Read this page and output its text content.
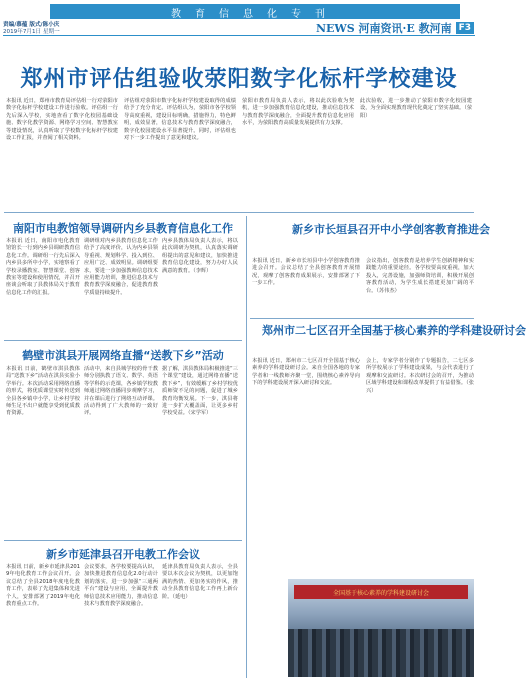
教育信息化专刊
责编/慕蕴 版式/陈小庆
2019年7月1日 星期一	NEWS 河南资讯·E 教河南 F3
郑州市评估组验收荥阳数字化标杆学校建设
本报讯 近日，郑州市教育局评估组一行对荥阳市数字化标杆学校建设工作进行验收。评估组一行先后深入学校，实地查看了数字化校园基础设施、数字化教学资源、网络学习空间、智慧教室等建设情况，认真听取了学校数字化标杆学校建设工作汇报，并查阅了相关资料。
评估组对荥阳市数字化标杆学校建设取得的成绩给予了充分肯定。评估组认为，荥阳市各学校领导高度重视，建设目标明确，措施得力，特色鲜明，成效显著，信息技术与教育教学深度融合，数字化校园建设水平显著提升。同时，评估组也对下一步工作提出了意见和建议。
荥阳市教育局负责人表示，将以此次验收为契机，进一步加强教育信息化建设，推动信息技术与教育教学深度融合，全面提升教育信息化应用水平，为荥阳教育高质量发展提供有力支撑。
此次验收，进一步推动了荥阳市数字化校园建设，为全面实现教育现代化奠定了坚实基础。（荥阳）
南阳市电教馆领导调研内乡县教育信息化工作
本报讯 近日，南阳市电化教育馆馆长一行到内乡县调研教育信息化工作。调研组一行先后深入内乡县多所中小学，实地察看了学校录播教室、智慧课堂、创客教室等建设和使用情况，并召开座谈会听取了县教体局关于教育信息化工作的汇报。
调研组对内乡县教育信息化工作给予了高度评价，认为内乡县领导重视、规划科学、投入到位、应用广泛、成效明显。调研组要求，要进一步加强教师信息技术应用能力培训，推进信息技术与教育教学深度融合，促进教育教学质量持续提升。
内乡县教体局负责人表示，将以此次调研为契机，认真落实调研组提出的意见和建议，加快推进教育信息化建设，努力办好人民满意的教育。（李辉）
鹤壁市淇县开展网络直播“送教下乡”活动
本报讯 日前，鹤壁市淇县教体局“送教下乡”活动在淇县实验小学举行。本次活动采用网络直播的形式，将优质课堂实时传送到全县各乡镇中小学，让乡村学校师生足不出户就能享受到优质教育资源。
活动中，来自县城学校的骨干教师分别执教了语文、数学、英语等学科的示范课，各乡镇学校教师通过网络直播同步观摩学习，并在课后进行了网络互动评课。活动得到了广大教师的一致好评。
据了解，淇县教体局积极推进“三个课堂”建设，通过网络直播“送教下乡”，有效缓解了乡村学校优质师资不足的问题，促进了城乡教育均衡发展。下一步，淇县将进一步扩大覆盖面，让更多乡村学校受益。（宋学军）
新乡市延津县召开电教工作会议
本报讯 日前，新乡市延津县2019年电化教育工作会议召开。会议总结了全县2018年度电化教育工作，表彰了先进集体和先进个人，安排部署了2019年电化教育重点工作。
会议要求，各学校要提高认识，加快推进教育信息化2.0行动计划的落实，进一步加强“三通两平台”建设与应用，全面提升教师信息技术应用能力，推动信息技术与教育教学深度融合。
延津县教育局负责人表示，全县要以本次会议为契机，以更加饱满的热情、更加务实的作风，推动全县教育信息化工作再上新台阶。（延电）
新乡市长垣县召开中小学创客教育推进会
本报讯 近日，新乡市长垣县中小学创客教育推进会召开。会议总结了全县创客教育开展情况，观摩了创客教育成果展示，安排部署了下一步工作。
会议指出，创客教育是培养学生创新精神和实践能力的重要途径。各学校要高度重视，加大投入，完善设施，加强师资培训，积极开展创客教育活动，为学生成长搭建更加广阔的平台。（苏伟杰）
郑州市二七区召开全国基于核心素养的学科建设研讨会
本报讯 近日，郑州市二七区召开全国基于核心素养的学科建设研讨会。来自全国各地的专家学者和一线教师齐聚一堂，围绕核心素养导向下的学科建设展开深入研讨和交流。
会上，专家学者分别作了专题报告，二七区多所学校展示了学科建设成果，与会代表进行了观摩和交流研讨。本次研讨会的召开，为推动区域学科建设和课程改革提供了有益借鉴。（张兴）
全国基于核心素养的学科建设研讨会
